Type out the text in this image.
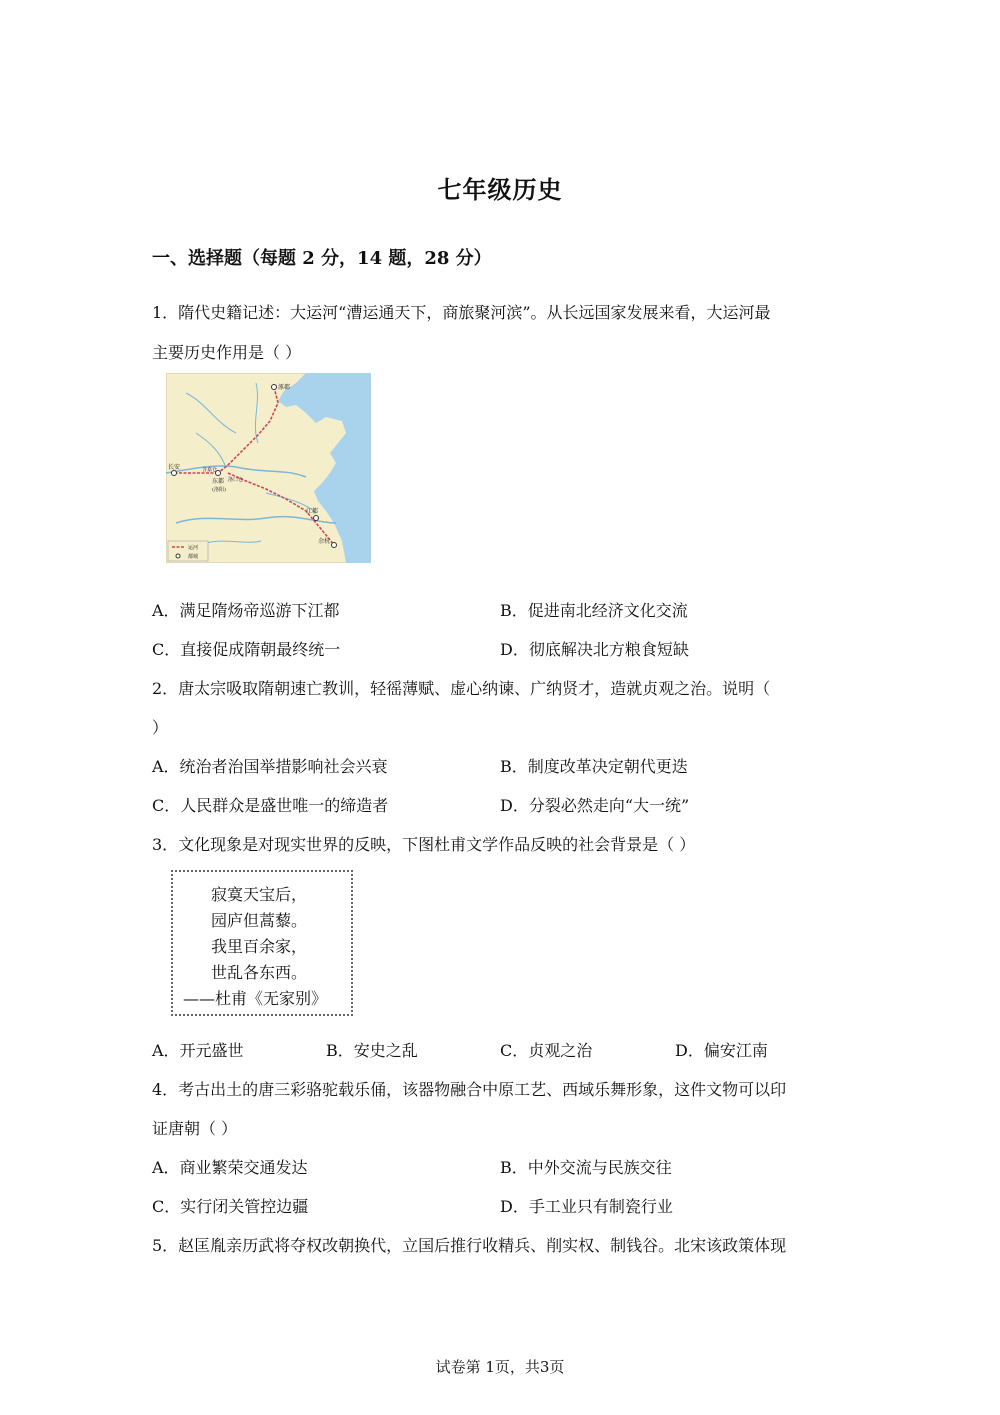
七年级历史
一、选择题（每题 2 分，14 题，28 分）
1．隋代史籍记述：大运河“漕运通天下，商旅聚河滨”。从长远国家发展来看，大运河最
主要历史作用是（ ）
涿郡
长安	含嘉仓
东都
(洛阳)
洛口仓
江都
余杭
运河
都城
A．满足隋炀帝巡游下江都	B．促进南北经济文化交流
C．直接促成隋朝最终统一	D．彻底解决北方粮食短缺
2．唐太宗吸取隋朝速亡教训，轻徭薄赋、虚心纳谏、广纳贤才，造就贞观之治。说明（
）
A．统治者治国举措影响社会兴衰	B．制度改革决定朝代更迭
C．人民群众是盛世唯一的缔造者	D．分裂必然走向“大一统”
3．文化现象是对现实世界的反映，下图杜甫文学作品反映的社会背景是（ ）
寂寞天宝后，
园庐但蒿藜。
我里百余家，
世乱各东西。
——杜甫《无家别》
A．开元盛世	B．安史之乱	C．贞观之治	D．偏安江南
4．考古出土的唐三彩骆驼载乐俑，该器物融合中原工艺、西域乐舞形象，这件文物可以印
证唐朝（ ）
A．商业繁荣交通发达	B．中外交流与民族交往
C．实行闭关管控边疆	D．手工业只有制瓷行业
5．赵匡胤亲历武将夺权改朝换代，立国后推行收精兵、削实权、制钱谷。北宋该政策体现
试卷第 1页，共3页
